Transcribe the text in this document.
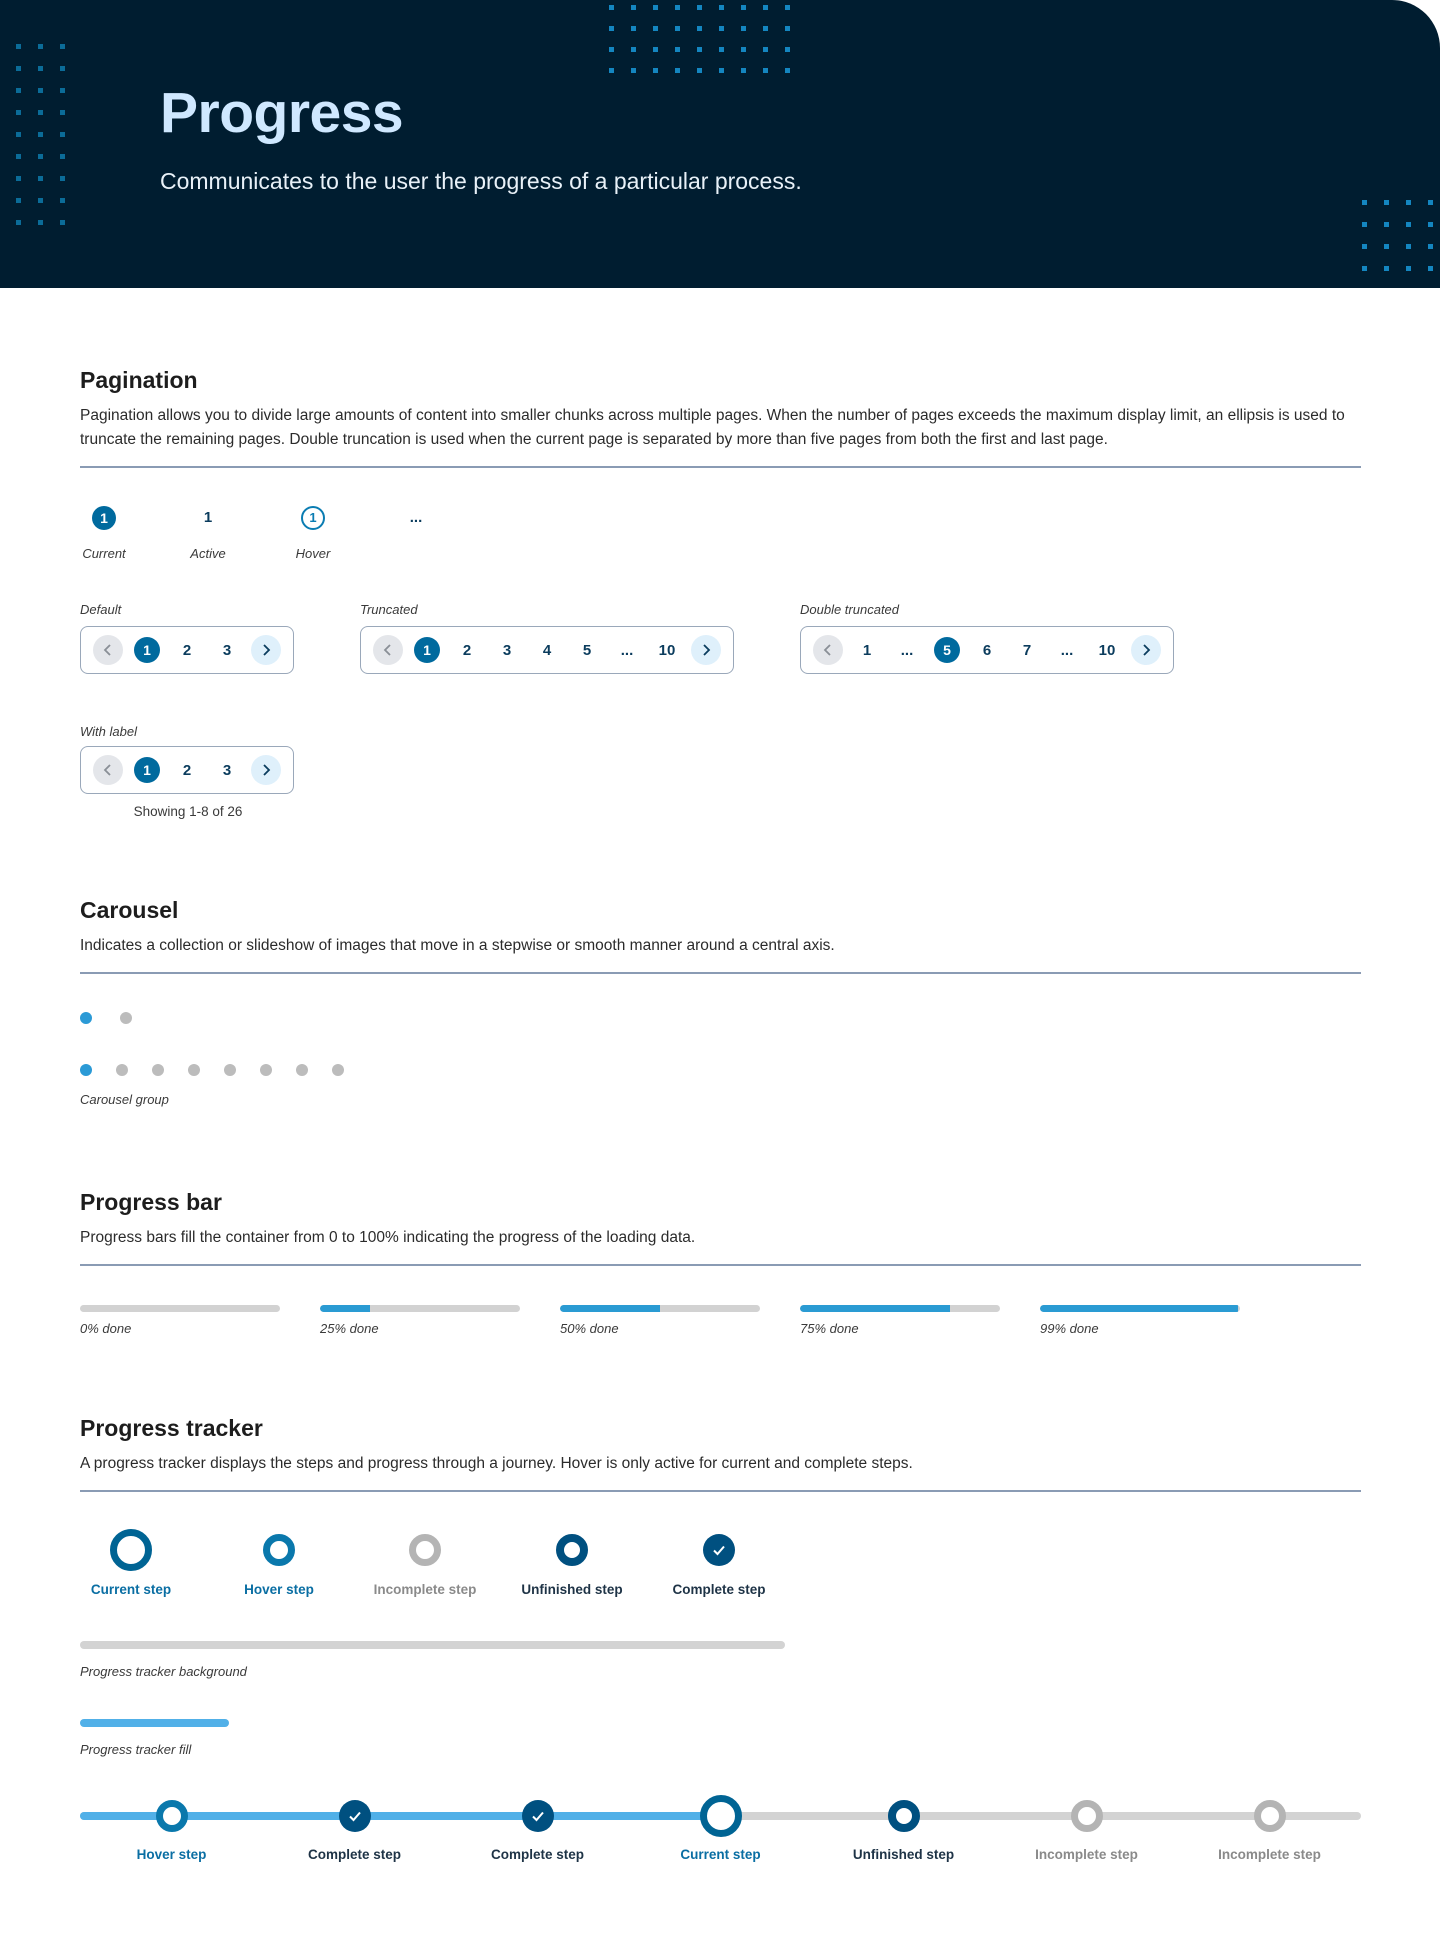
Progress
Communicates to the user the progress of a particular process.
Pagination
Pagination allows you to divide large amounts of content into smaller chunks across multiple pages. When the number of pages exceeds the maximum display limit, an ellipsis is used to truncate the remaining pages. Double truncation is used when the current page is separated by more than five pages from both the first and last page.
1
Current
1
Active
1
Hover
...
Default
1	2	3
Truncated
1	2	3	4	5	...	10
Double truncated
1	...	5	6	7	...	10
With label
1	2	3
Showing 1-8 of 26
Carousel
Indicates a collection or slideshow of images that move in a stepwise or smooth manner around a central axis.
Carousel group
Progress bar
Progress bars fill the container from 0 to 100% indicating the progress of the loading data.
0% done	25% done	50% done	75% done	99% done
Progress tracker
A progress tracker displays the steps and progress through a journey. Hover is only active for current and complete steps.
Current step	Hover step	Incomplete step	Unfinished step	Complete step
Progress tracker background
Progress tracker fill
Hover step	Complete step	Complete step	Current step	Unfinished step	Incomplete step	Incomplete step
